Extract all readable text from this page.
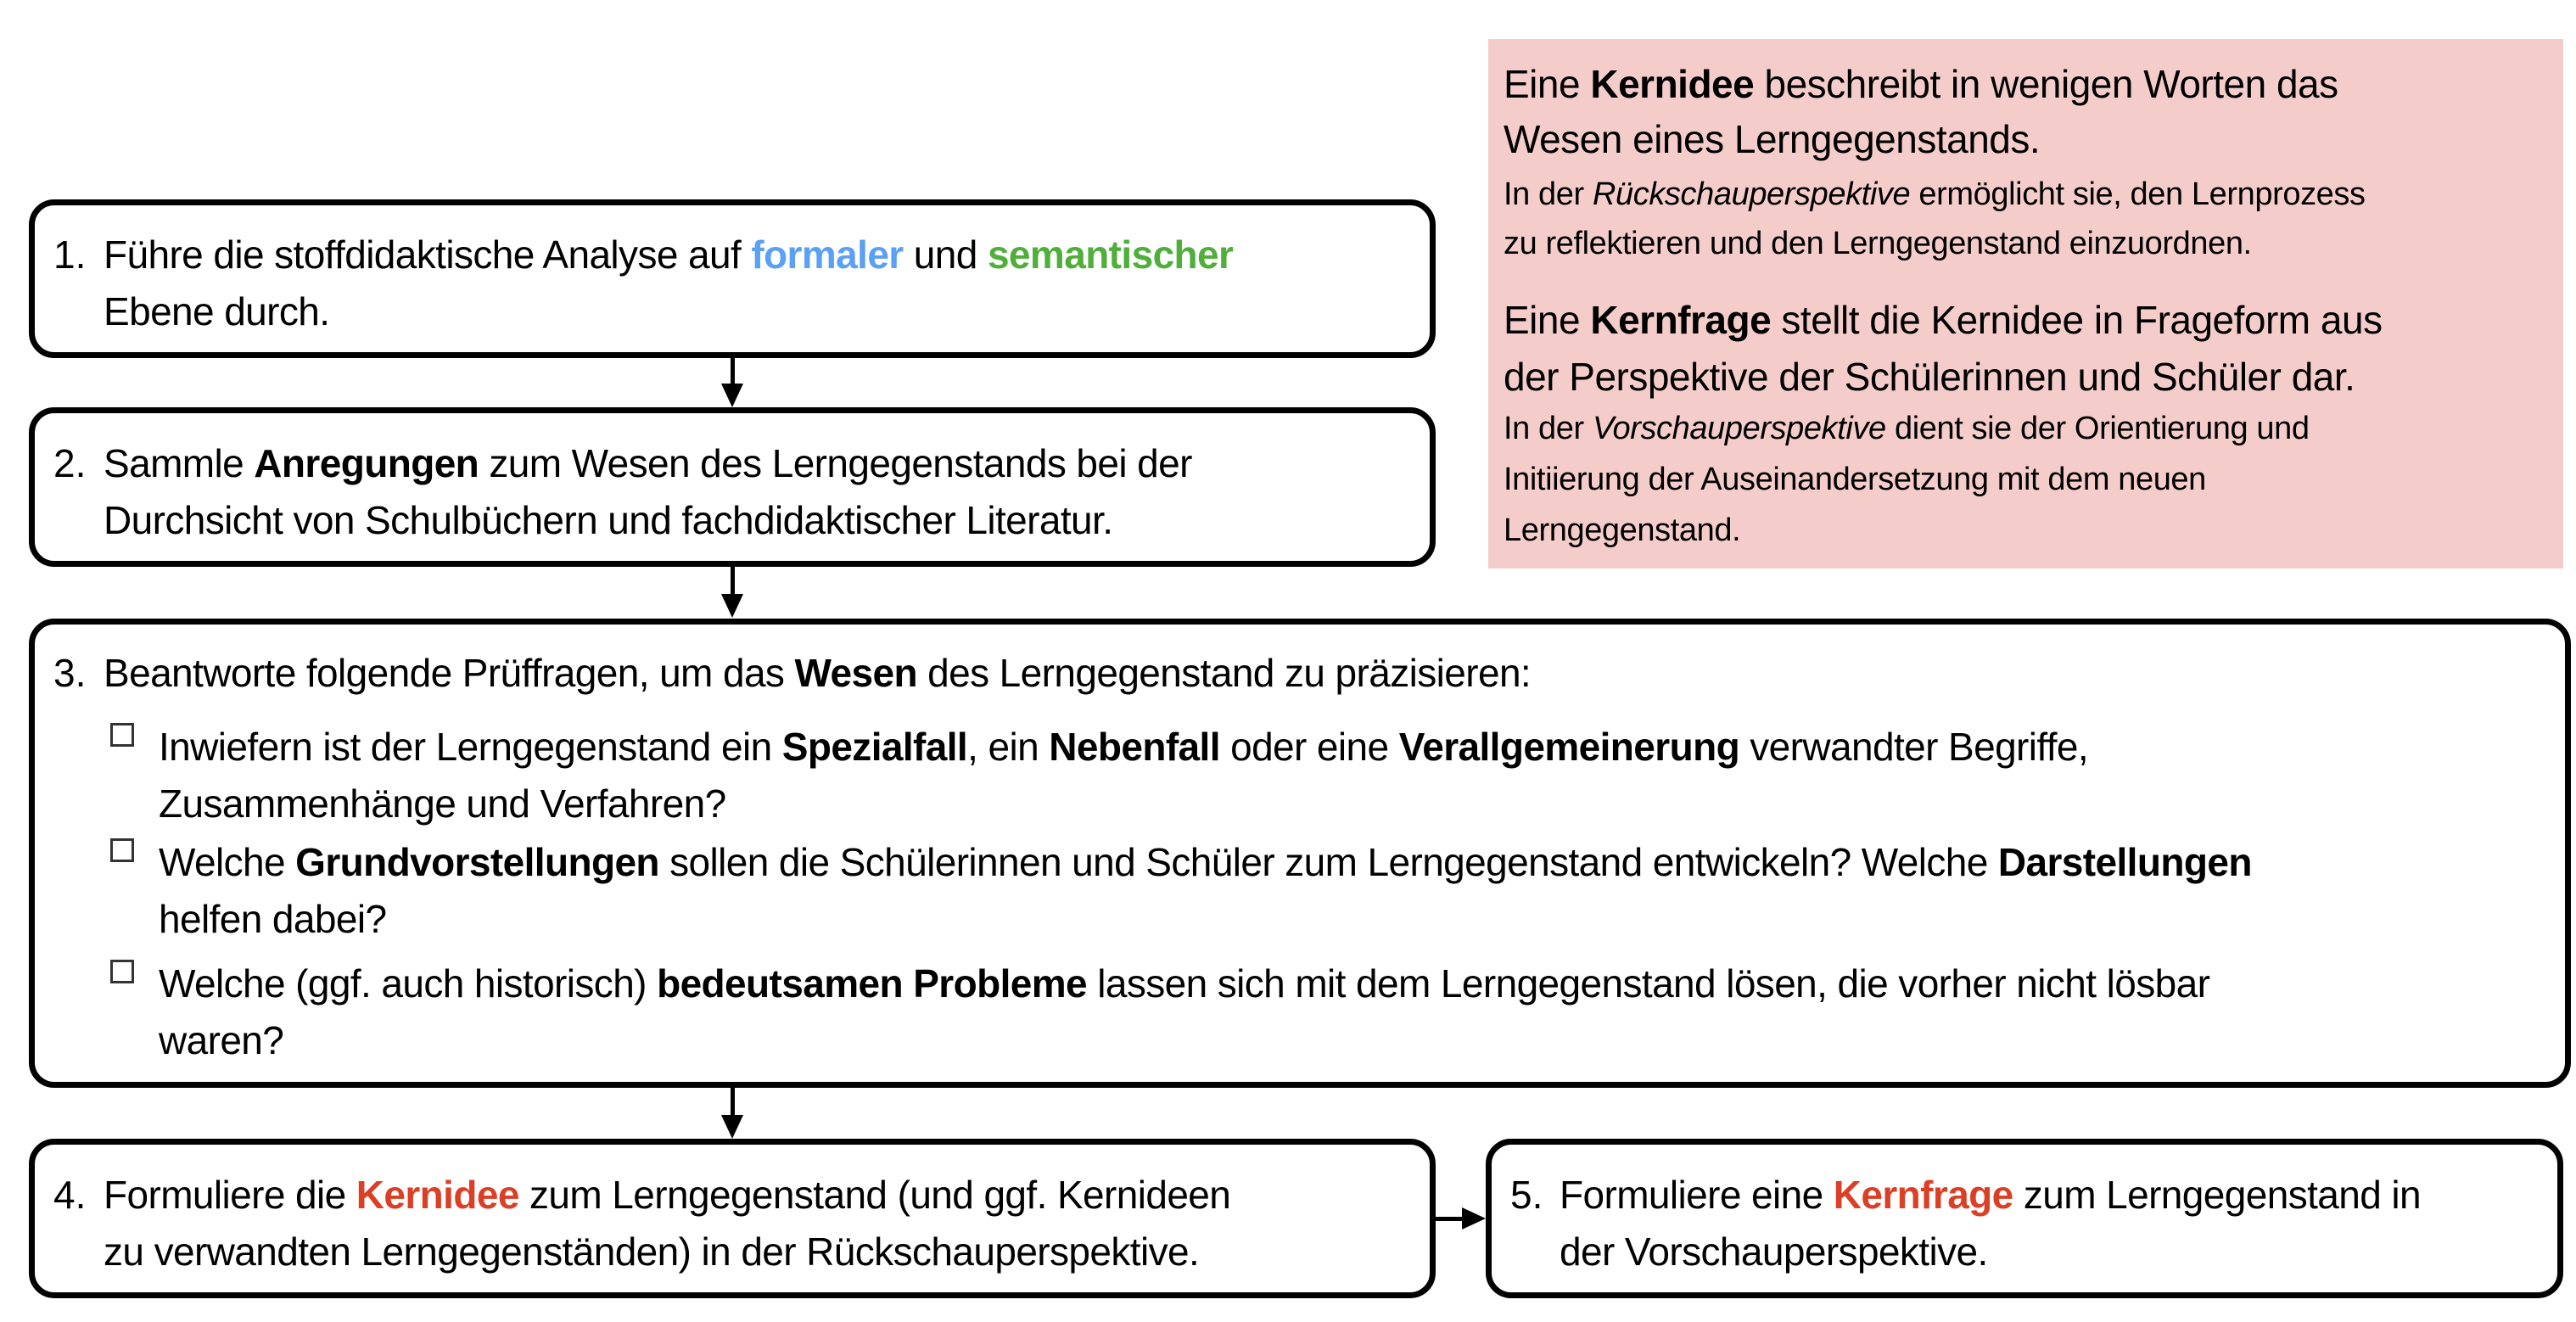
1. Führe die stoffdidaktische Analyse auf formaler und semantischer
Ebene durch.
2. Sammle Anregungen zum Wesen des Lerngegenstands bei der
Durchsicht von Schulbüchern und fachdidaktischer Literatur.
Eine Kernidee beschreibt in wenigen Worten das
Wesen eines Lerngegenstands.
In der Rückschauperspektive ermöglicht sie, den Lernprozess
zu reflektieren und den Lerngegenstand einzuordnen.
Eine Kernfrage stellt die Kernidee in Frageform aus
der Perspektive der Schülerinnen und Schüler dar.
In der Vorschauperspektive dient sie der Orientierung und
Initiierung der Auseinandersetzung mit dem neuen
Lerngegenstand.
3. Beantworte folgende Prüffragen, um das Wesen des Lerngegenstand zu präzisieren:
Inwiefern ist der Lerngegenstand ein Spezialfall, ein Nebenfall oder eine Verallgemeinerung verwandter Begriffe,
Zusammenhänge und Verfahren?
Welche Grundvorstellungen sollen die Schülerinnen und Schüler zum Lerngegenstand entwickeln? Welche Darstellungen
helfen dabei?
Welche (ggf. auch historisch) bedeutsamen Probleme lassen sich mit dem Lerngegenstand lösen, die vorher nicht lösbar
waren?
4. Formuliere die Kernidee zum Lerngegenstand (und ggf. Kernideen
zu verwandten Lerngegenständen) in der Rückschauperspektive.
5. Formuliere eine Kernfrage zum Lerngegenstand in
der Vorschauperspektive.
